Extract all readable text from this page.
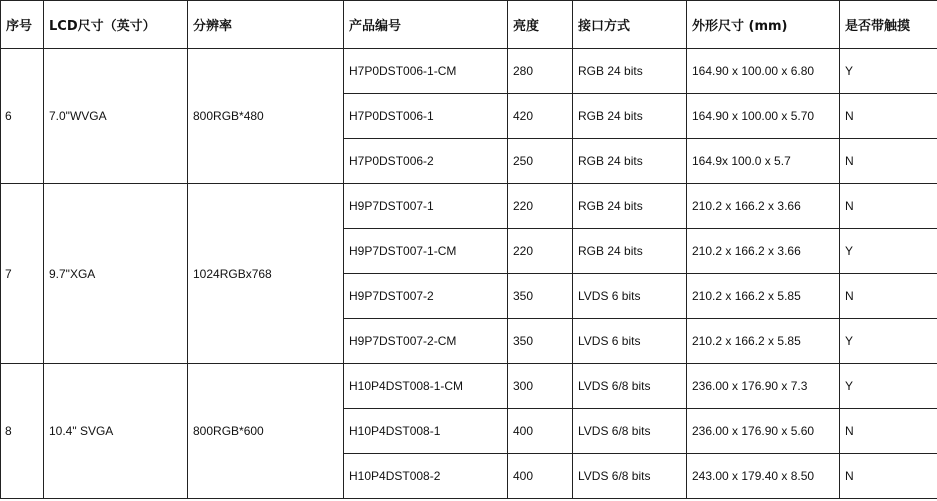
序号	LCD尺寸（英寸）	分辨率	产品编号	亮度	接口方式	外形尺寸 (mm)	是否带触摸
6	7.0"WVGA	800RGB*480	H7P0DST006-1-CM	280	RGB 24 bits	164.90 x 100.00 x 6.80	Y
			H7P0DST006-1	420	RGB 24 bits	164.90 x 100.00 x 5.70	N
			H7P0DST006-2	250	RGB 24 bits	164.9x 100.0 x 5.7	N
7	9.7"XGA	1024RGBx768	H9P7DST007-1	220	RGB 24 bits	210.2 x 166.2 x 3.66	N
			H9P7DST007-1-CM	220	RGB 24 bits	210.2 x 166.2 x 3.66	Y
			H9P7DST007-2	350	LVDS 6 bits	210.2 x 166.2 x 5.85	N
			H9P7DST007-2-CM	350	LVDS 6 bits	210.2 x 166.2 x 5.85	Y
8	10.4" SVGA	800RGB*600	H10P4DST008-1-CM	300	LVDS 6/8 bits	236.00 x 176.90 x 7.3	Y
			H10P4DST008-1	400	LVDS 6/8 bits	236.00 x 176.90 x 5.60	N
			H10P4DST008-2	400	LVDS 6/8 bits	243.00 x 179.40 x 8.50	N
